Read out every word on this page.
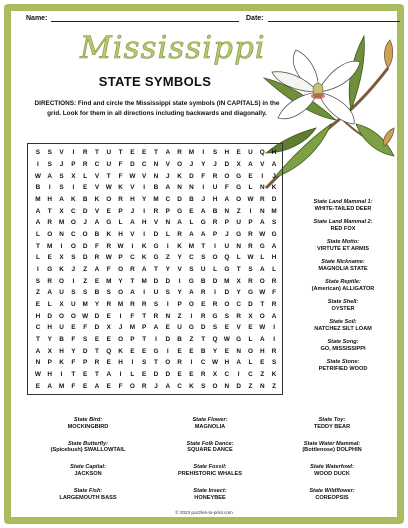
Name:	Date:
Mississippi
STATE SYMBOLS
DIRECTIONS: Find and circle the Mississippi state symbols (IN CAPITALS) in the grid. Look for them in all directions including backwards and diagonally.
S	S	V	I	R	T	U	T	E	E	T	A	R	M	I	S	H	E	U	Q	H
I	S	J	P	R	C	U	F	D	C	N	V	O	J	Y	J	D	X	A	V	A
W	A	S	X	L	V	T	F	W	V	N	J	K	D	F	R	O	G	E	I	J
B	I	S	I	E	V	W	K	V	I	B	A	N	N	I	U	F	G	L	N	K
M	H	A	K	B	K	O	R	H	Y	M	C	D	B	J	H	A	O W	R	D
A	T	X	C	D	V	E	P	J	I	R	P	G	E	A	B	N	Z	I	N	M
A	R	M	O	J	A	G	L	A	H	V	N	A	L	G	R	P	U	P	A	S
L	O	N	C	O	B	K	H	V	I	D	L	R	A	A	P	J	G	R	W G
T	M	I	O	D	F	R	W	I	K	G	I	K	M	T	I	U	N	R	G	A
L	E	X	S	D	R	W	P	C	K	G	Z	Y	C	S	O	Q	L	W	L	H
I	G	K	J	Z	A	F	O	R	A	T	Y	V	S	U	L	G	T	S	A	L
S	R	O	I	Z	E	M	Y	T	M	D	D	I	G	B	D	M	X	R	O	R
Z	A	U	S	S	B	S	O	A	I	U	S	Y	A	R	I	D	Y	G W	F
E	L	X	U	M	Y	R	M	R	R	S	I	P	O	E	R	O	C	D	T	R
H	D	O	O W	D	E	I	F	T	R	N	Z	I	R	G	S	R	X	O	A
C	H	U	E	F	D	X	J	M	P	A	E	U	G	D	S	E	V	E	W	I
T	Y	B	F	S	E	E	O	P	T	I	D	B	Z	T	Q W G	L	A	I
A	X	H	Y	D	T	Q	K	E	E	G	I	E	E	B	Y	E	N	O	H	R
N	P	K	F	P	R	E	H	I	S	T	O	R	I	C	W	H	A	L	E	S
W	H	I	T	E	T	A	I	L	E	D	D	E	E	R	X	C	I	C	Z	K
E	A	M	F	E	A	E	F	O	R	J	A	C	K	S	O	N	D	Z	N	Z
State Land Mammal 1:
WHITE-TAILED DEER
State Land Mammal 2:
RED FOX
State Motto:
VIRTUTE ET ARMIS
State Nickname:
MAGNOLIA STATE
State Reptile:
(American) ALLIGATOR
State Shell:
OYSTER
State Soil:
NATCHEZ SILT LOAM
State Song:
GO, MISSISSIPPI
State Stone:
PETRIFIED WOOD
State Bird:
MOCKINGBIRD
State Butterfly:
(Spicebush) SWALLOWTAIL
State Capital:
JACKSON
State Fish:
LARGEMOUTH BASS
State Flower:
MAGNOLIA
State Folk Dance:
SQUARE DANCE
State Fossil:
PREHISTORIC WHALES
State Insect:
HONEYBEE
State Toy:
TEDDY BEAR
State Water Mammal:
(Bottlenose) DOLPHIN
State Waterfowl:
WOOD DUCK
State Wildflower:
COREOPSIS
© 2023 puzzles-to-print.com
